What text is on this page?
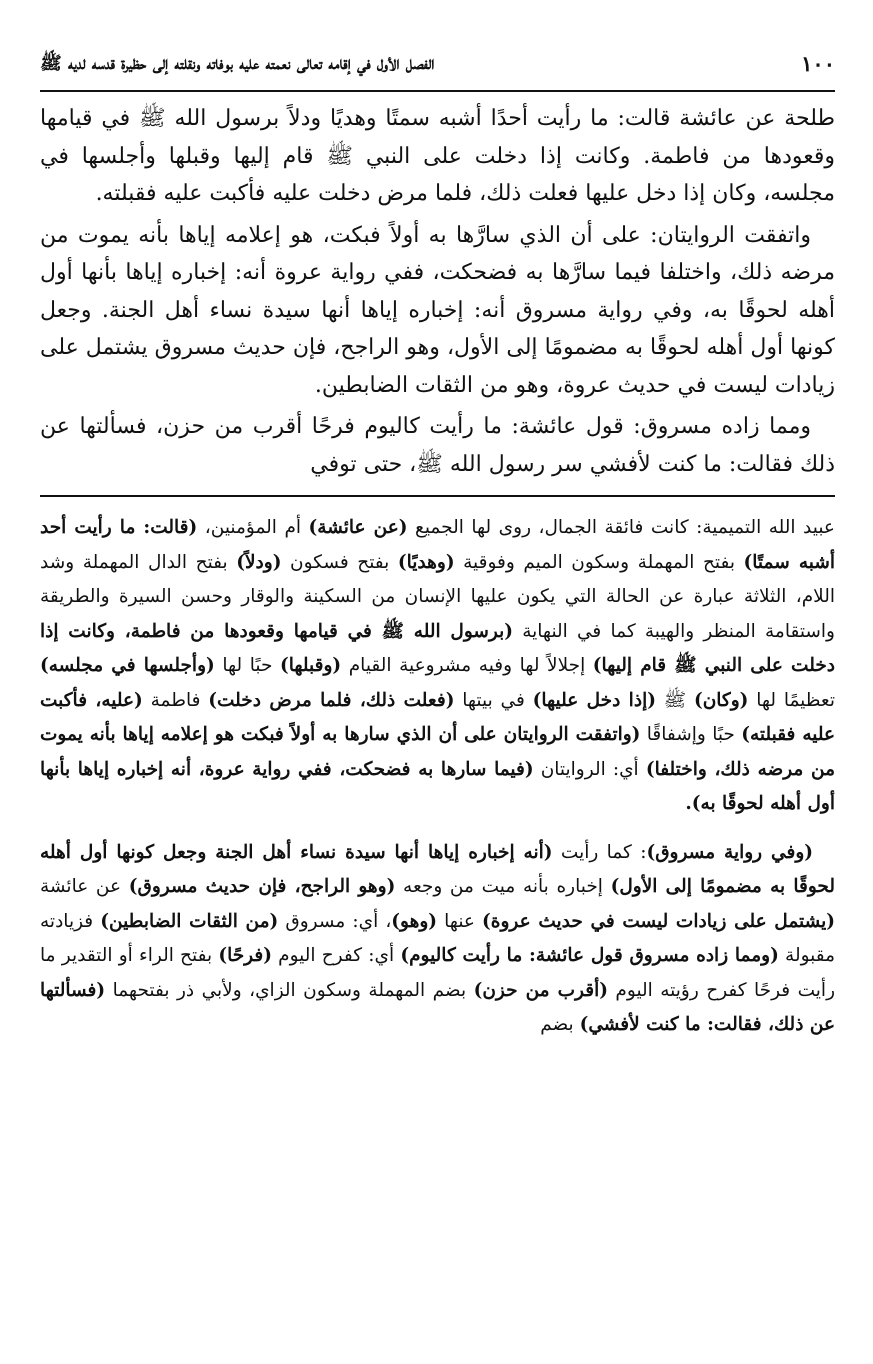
١٠٠
الفصل الأول في إقامه تعالى نعمته عليه بوفاته ونقلته إلى حظيرة قدسه لديه ﷺ

طلحة عن عائشة قالت: ما رأيت أحدًا أشبه سمتًا وهديًا ودلاً برسول الله ﷺ في قيامها وقعودها من فاطمة. وكانت إذا دخلت على النبي ﷺ قام إليها وقبلها وأجلسها في مجلسه، وكان إذا دخل عليها فعلت ذلك، فلما مرض دخلت عليه فأكبت عليه فقبلته.

واتفقت الروايتان: على أن الذي سارَّها به أولاً فبكت، هو إعلامه إياها بأنه يموت من مرضه ذلك، واختلفا فيما سارَّها به فضحكت، ففي رواية عروة أنه: إخباره إياها بأنها أول أهله لحوقًا به، وفي رواية مسروق أنه: إخباره إياها أنها سيدة نساء أهل الجنة. وجعل كونها أول أهله لحوقًا به مضمومًا إلى الأول، وهو الراجح، فإن حديث مسروق يشتمل على زيادات ليست في حديث عروة، وهو من الثقات الضابطين.

ومما زاده مسروق: قول عائشة: ما رأيت كاليوم فرحًا أقرب من حزن، فسألتها عن ذلك فقالت: ما كنت لأفشي سر رسول الله ﷺ، حتى توفي

عبيد الله التميمية: كانت فائقة الجمال، روى لها الجميع (عن عائشة) أم المؤمنين، (قالت: ما رأيت أحد أشبه سمتًا) بفتح المهملة وسكون الميم وفوقية (وهديًا) بفتح فسكون (ودلاً) بفتح الدال المهملة وشد اللام، الثلاثة عبارة عن الحالة التي يكون عليها الإنسان من السكينة والوقار وحسن السيرة والطريقة واستقامة المنظر والهيبة كما في النهاية (برسول الله ﷺ في قيامها وقعودها من فاطمة، وكانت إذا دخلت على النبي ﷺ قام إليها) إجلالاً لها وفيه مشروعية القيام (وقبلها) حبًا لها (وأجلسها في مجلسه) تعظيمًا لها (وكان) ﷺ (إذا دخل عليها) في بيتها (فعلت ذلك، فلما مرض دخلت) فاطمة (عليه، فأكبت عليه فقبلته) حبًا وإشفاقًا (واتفقت الروايتان على أن الذي سارها به أولاً فبكت هو إعلامه إياها بأنه يموت من مرضه ذلك، واختلفا) أي: الروايتان (فيما سارها به فضحكت، ففي رواية عروة، أنه إخباره إياها بأنها أول أهله لحوقًا به).

(وفي رواية مسروق): كما رأيت (أنه إخباره إياها أنها سيدة نساء أهل الجنة وجعل كونها أول أهله لحوقًا به مضمومًا إلى الأول) إخباره بأنه ميت من وجعه (وهو الراجح، فإن حديث مسروق) عن عائشة (يشتمل على زيادات ليست في حديث عروة) عنها (وهو)، أي: مسروق (من الثقات الضابطين) فزيادته مقبولة (ومما زاده مسروق قول عائشة: ما رأيت كاليوم) أي: كفرح اليوم (فرحًا) بفتح الراء أو التقدير ما رأيت فرحًا كفرح رؤيته اليوم (أقرب من حزن) بضم المهملة وسكون الزاي، ولأبي ذر بفتحهما (فسألتها عن ذلك، فقالت: ما كنت لأفشي) بضم
